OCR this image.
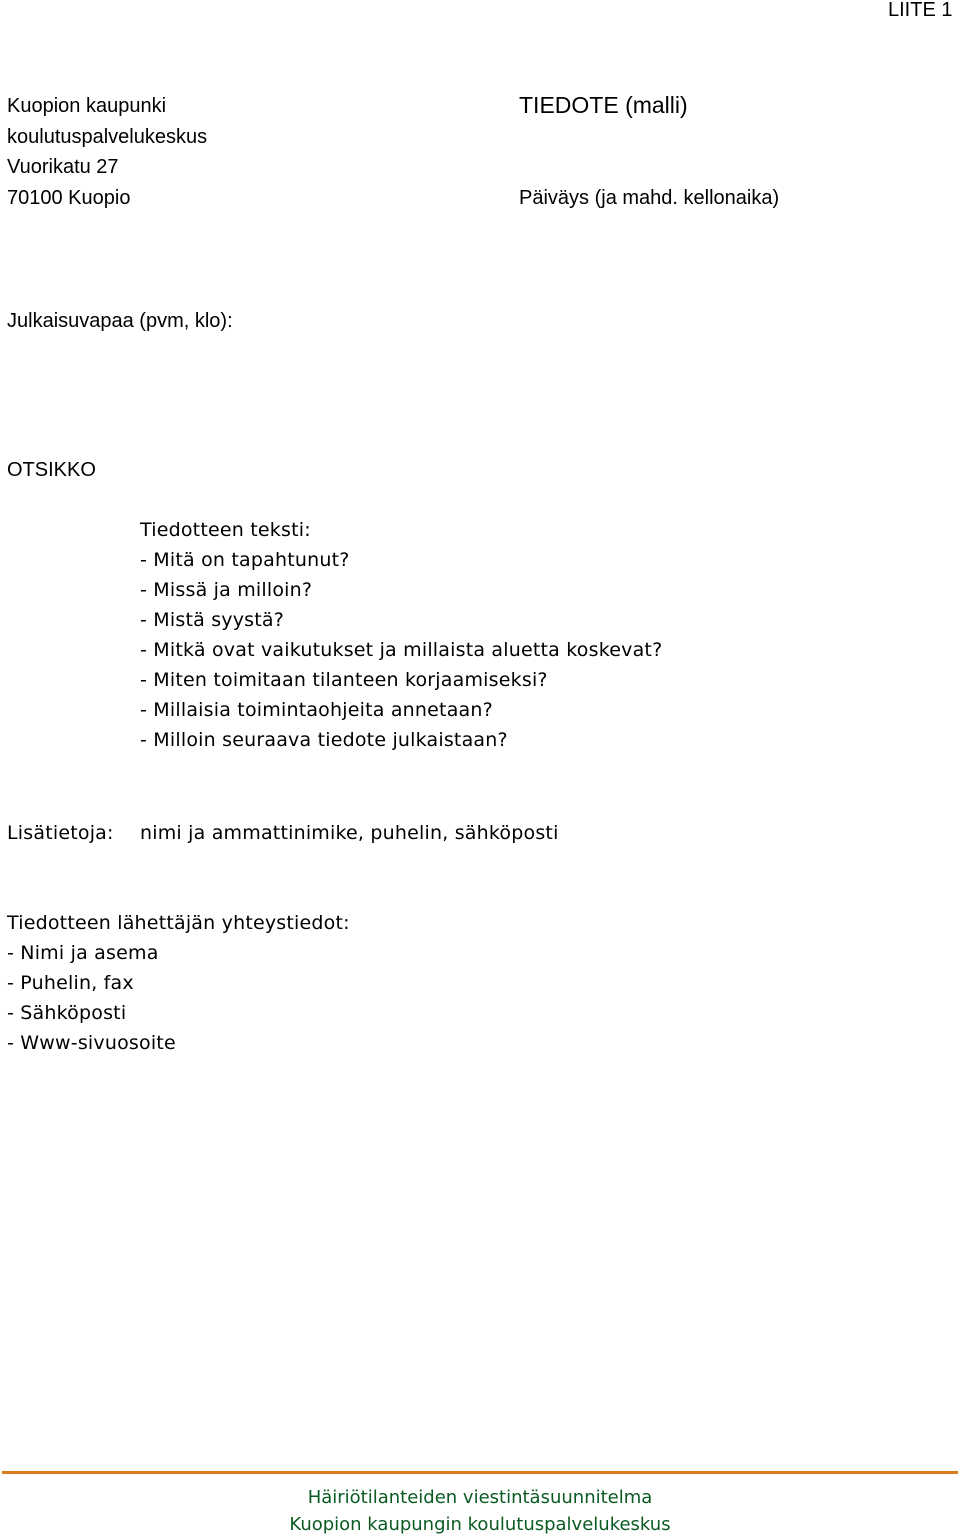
LIITE 1
Kuopion kaupunki
koulutuspalvelukeskus
Vuorikatu 27
70100 Kuopio
TIEDOTE (malli)
Päiväys (ja mahd. kellonaika)
Julkaisuvapaa (pvm, klo):
OTSIKKO
Tiedotteen teksti:
- Mitä on tapahtunut?
- Missä ja milloin?
- Mistä syystä?
- Mitkä ovat vaikutukset ja millaista aluetta koskevat?
- Miten toimitaan tilanteen korjaamiseksi?
- Millaisia toimintaohjeita annetaan?
- Milloin seuraava tiedote julkaistaan?
Lisätietoja: nimi ja ammattinimike, puhelin, sähköposti
Tiedotteen lähettäjän yhteystiedot:
- Nimi ja asema
- Puhelin, fax
- Sähköposti
- Www-sivuosoite
Häiriötilanteiden viestintäsuunnitelma
Kuopion kaupungin koulutuspalvelukeskus
